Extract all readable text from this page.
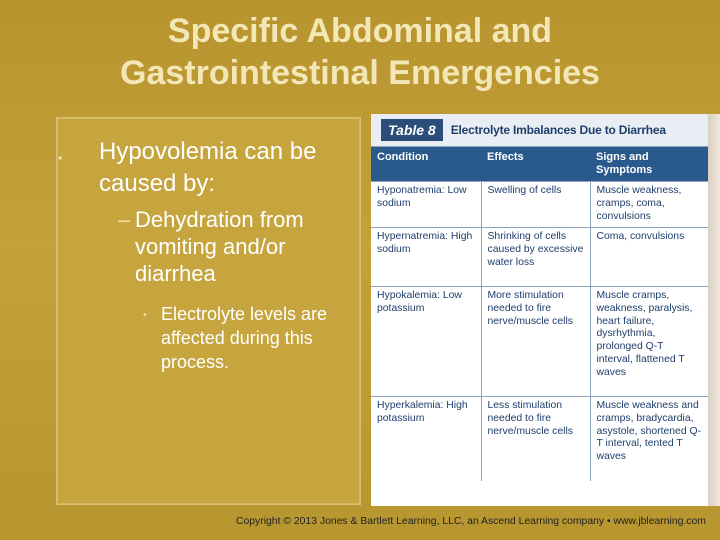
Specific Abdominal and
Gastrointestinal Emergencies
•	Hypovolemia can be caused by:
– Dehydration from vomiting and/or diarrhea
• Electrolyte levels are affected during this process.
Table 8	Electrolyte Imbalances Due to Diarrhea
Condition	Effects	Signs and Symptoms
Hyponatremia: Low sodium	Swelling of cells	Muscle weakness, cramps, coma, convulsions
Hypernatremia: High sodium	Shrinking of cells caused by excessive water loss	Coma, convulsions
Hypokalemia: Low potassium	More stimulation needed to fire nerve/muscle cells	Muscle cramps, weakness, paralysis, heart failure, dysrhythmia, prolonged Q-T interval, flattened T waves
Hyperkalemia: High potassium	Less stimulation needed to fire nerve/muscle cells	Muscle weakness and cramps, bradycardia, asystole, shortened Q-T interval, tented T waves
Copyright © 2013 Jones & Bartlett Learning, LLC, an Ascend Learning company • www.jblearning.com
